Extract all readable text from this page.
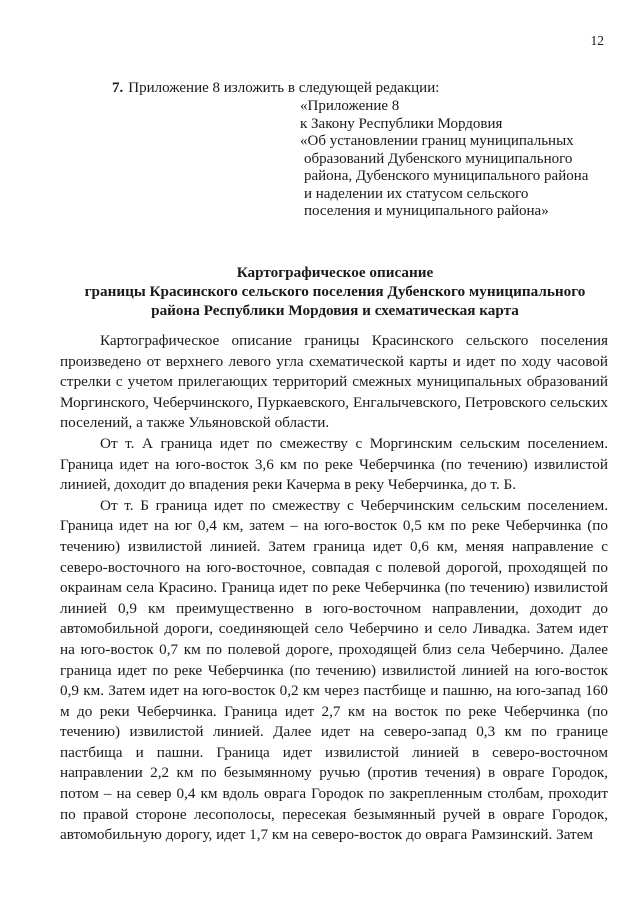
12
7. Приложение 8 изложить в следующей редакции:
«Приложение 8
к Закону Республики Мордовия
«Об установлении границ муниципальных
образований Дубенского муниципального
района, Дубенского муниципального района
и наделении их статусом сельского
поселения и муниципального района»
Картографическое описание
границы Красинского сельского поселения Дубенского муниципального
района Республики Мордовия и схематическая карта

Картографическое описание границы Красинского сельского поселения произведено от верхнего левого угла схематической карты и идет по ходу часовой стрелки с учетом прилегающих территорий смежных муниципальных образований Моргинского, Чеберчинского, Пуркаевского, Енгалычевского, Петровского сельских поселений, а также Ульяновской области.

От т. А граница идет по смежеству с Моргинским сельским поселением. Граница идет на юго-восток 3,6 км по реке Чеберчинка (по течению) извилистой линией, доходит до впадения реки Качерма в реку Чеберчинка, до т. Б.

От т. Б граница идет по смежеству с Чеберчинским сельским поселением. Граница идет на юг 0,4 км, затем – на юго-восток 0,5 км по реке Чеберчинка (по течению) извилистой линией. Затем граница идет 0,6 км, меняя направление с северо-восточного на юго-восточное, совпадая с полевой дорогой, проходящей по окраинам села Красино. Граница идет по реке Чеберчинка (по течению) извилистой линией 0,9 км преимущественно в юго-восточном направлении, доходит до автомобильной дороги, соединяющей село Чеберчино и село Ливадка. Затем идет на юго-восток 0,7 км по полевой дороге, проходящей близ села Чеберчино. Далее граница идет по реке Чеберчинка (по течению) извилистой линией на юго-восток 0,9 км. Затем идет на юго-восток 0,2 км через пастбище и пашню, на юго-запад 160 м до реки Чеберчинка. Граница идет 2,7 км на восток по реке Чеберчинка (по течению) извилистой линией. Далее идет на северо-запад 0,3 км по границе пастбища и пашни. Граница идет извилистой линией в северо-восточном направлении 2,2 км по безымянному ручью (против течения) в овраге Городок, потом – на север 0,4 км вдоль оврага Городок по закрепленным столбам, проходит по правой стороне лесополосы, пересекая безымянный ручей в овраге Городок, автомобильную дорогу, идет 1,7 км на северо-восток до оврага Рамзинский. Затем
